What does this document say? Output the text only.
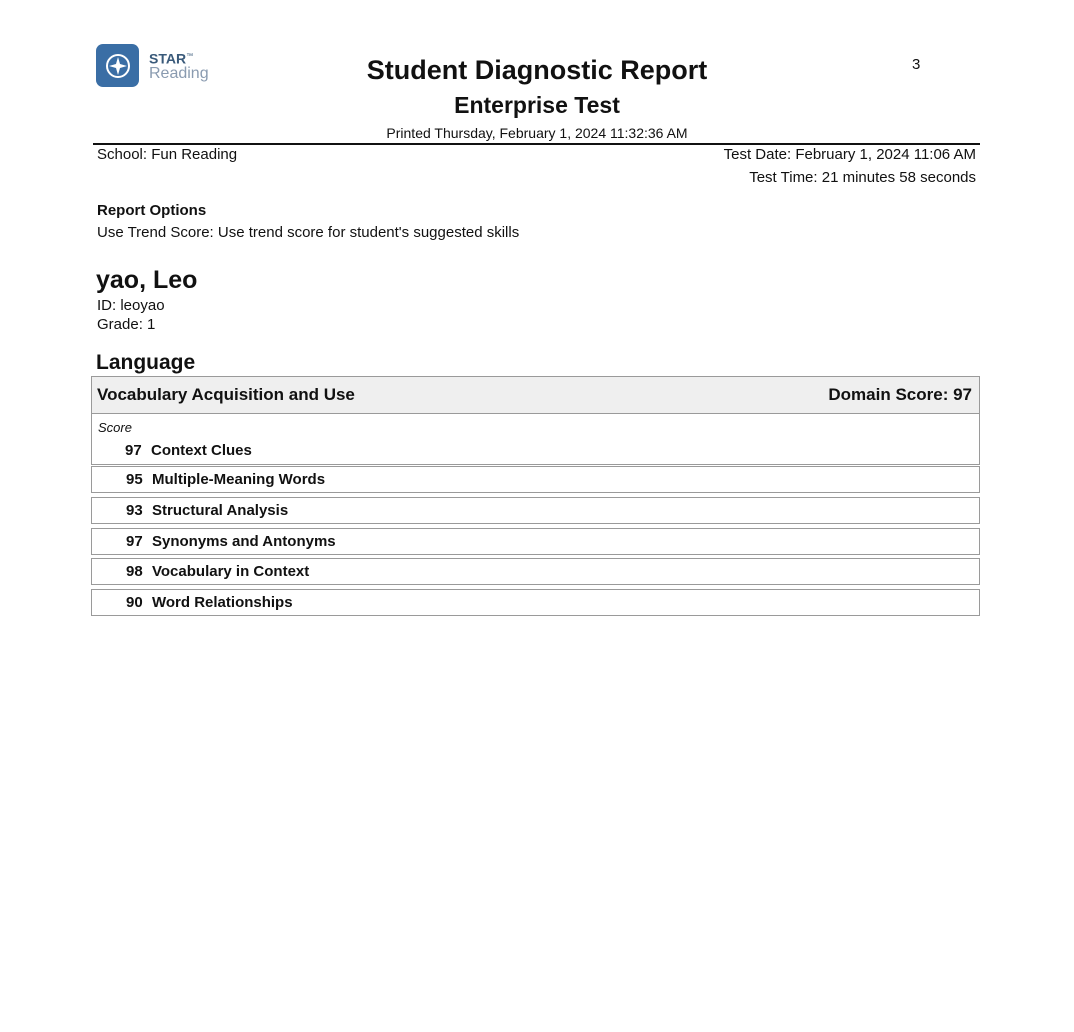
STAR™
Reading
3
Student Diagnostic Report
Enterprise Test
Printed Thursday, February 1, 2024 11:32:36 AM
School: Fun Reading	Test Date: February 1, 2024 11:06 AM
Test Time: 21 minutes 58 seconds
Report Options
Use Trend Score: Use trend score for student's suggested skills
yao, Leo
ID: leoyao
Grade: 1
Language
Vocabulary Acquisition and Use	Domain Score: 97
Score
97 Context Clues
95 Multiple-Meaning Words
93 Structural Analysis
97 Synonyms and Antonyms
98 Vocabulary in Context
90 Word Relationships
